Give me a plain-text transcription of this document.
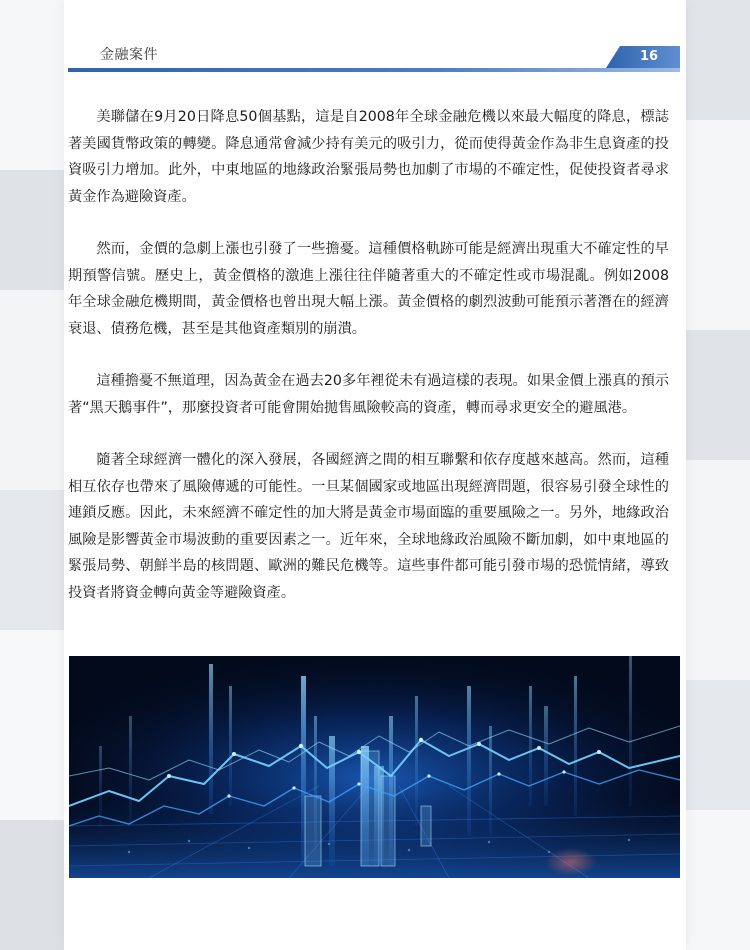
金融案件	16

美聯儲在9月20日降息50個基點，這是自2008年全球金融危機以來最大幅度的降息，標誌著美國貨幣政策的轉變。降息通常會減少持有美元的吸引力，從而使得黃金作為非生息資產的投資吸引力增加。此外，中東地區的地緣政治緊張局勢也加劇了市場的不確定性，促使投資者尋求黃金作為避險資產。

然而，金價的急劇上漲也引發了一些擔憂。這種價格軌跡可能是經濟出現重大不確定性的早期預警信號。歷史上，黃金價格的激進上漲往往伴隨著重大的不確定性或市場混亂。例如2008年全球金融危機期間，黃金價格也曾出現大幅上漲。黃金價格的劇烈波動可能預示著潛在的經濟衰退、債務危機，甚至是其他資產類別的崩潰。

這種擔憂不無道理，因為黃金在過去20多年裡從未有過這樣的表現。如果金價上漲真的預示著“黑天鵝事件”，那麼投資者可能會開始拋售風險較高的資產，轉而尋求更安全的避風港。

隨著全球經濟一體化的深入發展，各國經濟之間的相互聯繫和依存度越來越高。然而，這種相互依存也帶來了風險傳遞的可能性。一旦某個國家或地區出現經濟問題，很容易引發全球性的連鎖反應。因此，未來經濟不確定性的加大將是黃金市場面臨的重要風險之一。另外，地緣政治風險是影響黃金市場波動的重要因素之一。近年來，全球地緣政治風險不斷加劇，如中東地區的緊張局勢、朝鮮半島的核問題、歐洲的難民危機等。這些事件都可能引發市場的恐慌情緒，導致投資者將資金轉向黃金等避險資產。
